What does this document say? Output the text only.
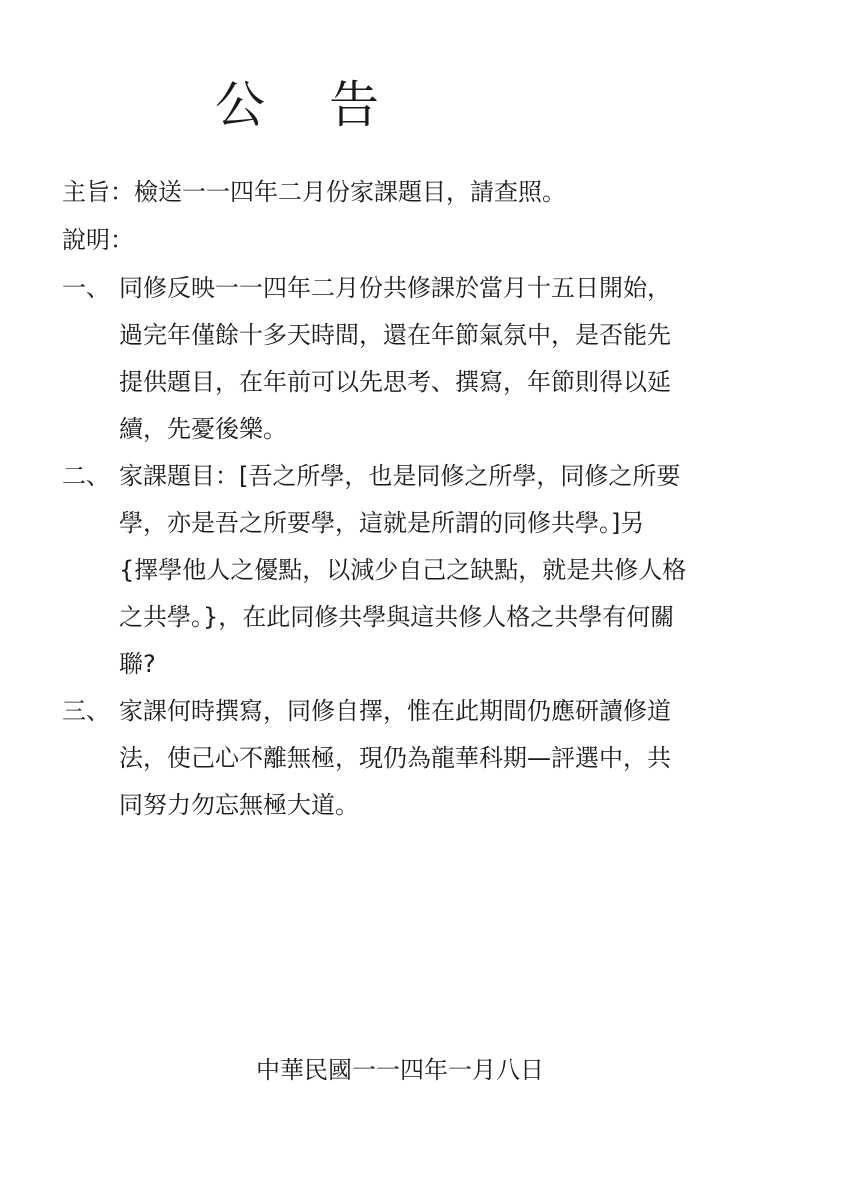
公 告
主旨：檢送一一四年二月份家課題目，請查照。
說明：
一、 同修反映一一四年二月份共修課於當月十五日開始，
過完年僅餘十多天時間，還在年節氣氛中，是否能先
提供題目，在年前可以先思考、撰寫，年節則得以延
續，先憂後樂。
二、 家課題目：[吾之所學，也是同修之所學，同修之所要
學，亦是吾之所要學，這就是所謂的同修共學。]另
{擇學他人之優點，以減少自己之缺點，就是共修人格
之共學。}，在此同修共學與這共修人格之共學有何關
聯?
三、 家課何時撰寫，同修自擇，惟在此期間仍應研讀修道
法，使己心不離無極，現仍為龍華科期—評選中，共
同努力勿忘無極大道。
中華民國一一四年一月八日
